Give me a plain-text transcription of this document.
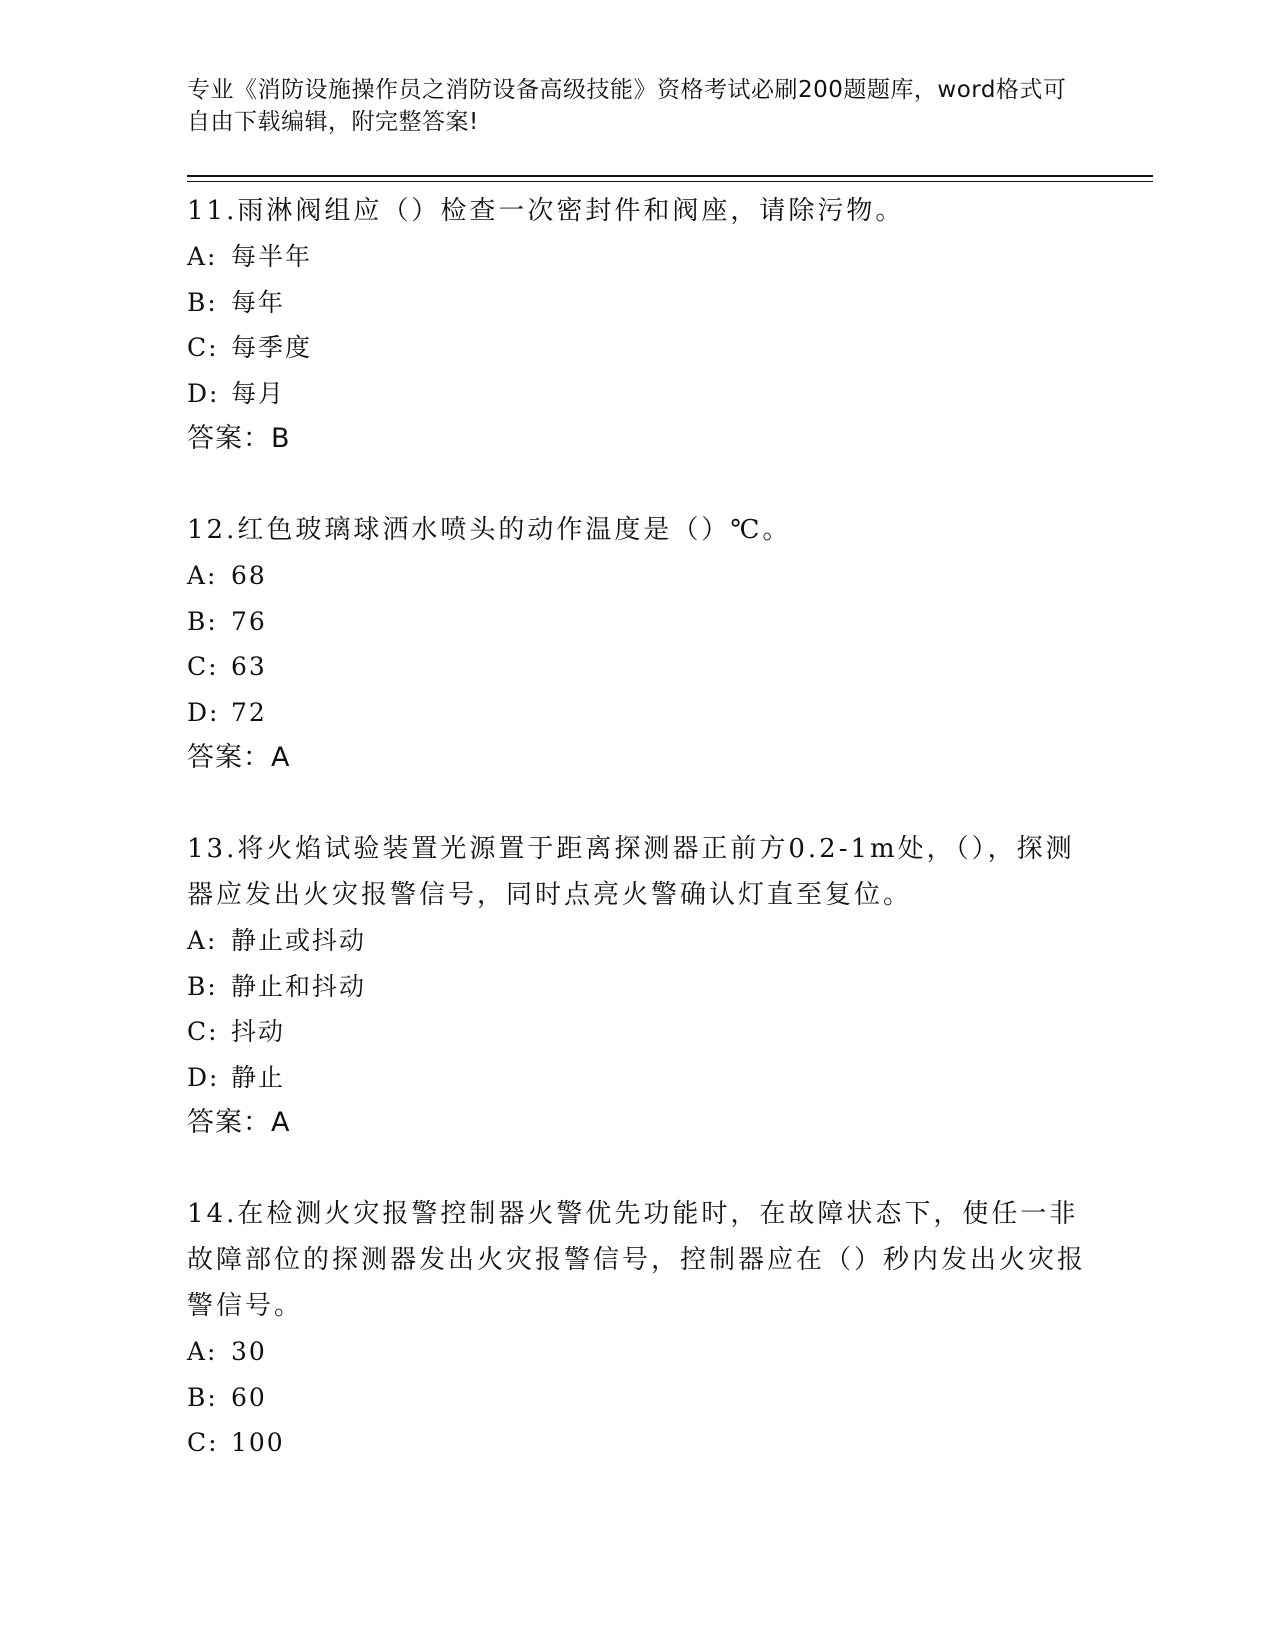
专业《消防设施操作员之消防设备高级技能》资格考试必刷200题题库，word格式可自由下载编辑，附完整答案!

11.雨淋阀组应（）检查一次密封件和阀座，请除污物。

A: 每半年

B: 每年

C: 每季度

D: 每月

答案：B

12.红色玻璃球洒水喷头的动作温度是（）℃。

A: 68

B: 76

C: 63

D: 72

答案：A

13.将火焰试验装置光源置于距离探测器正前方0.2-1m处，（），探测器应发出火灾报警信号，同时点亮火警确认灯直至复位。

A: 静止或抖动

B: 静止和抖动

C: 抖动

D: 静止

答案：A

14.在检测火灾报警控制器火警优先功能时，在故障状态下，使任一非故障部位的探测器发出火灾报警信号，控制器应在（）秒内发出火灾报警信号。

A: 30

B: 60

C: 100
